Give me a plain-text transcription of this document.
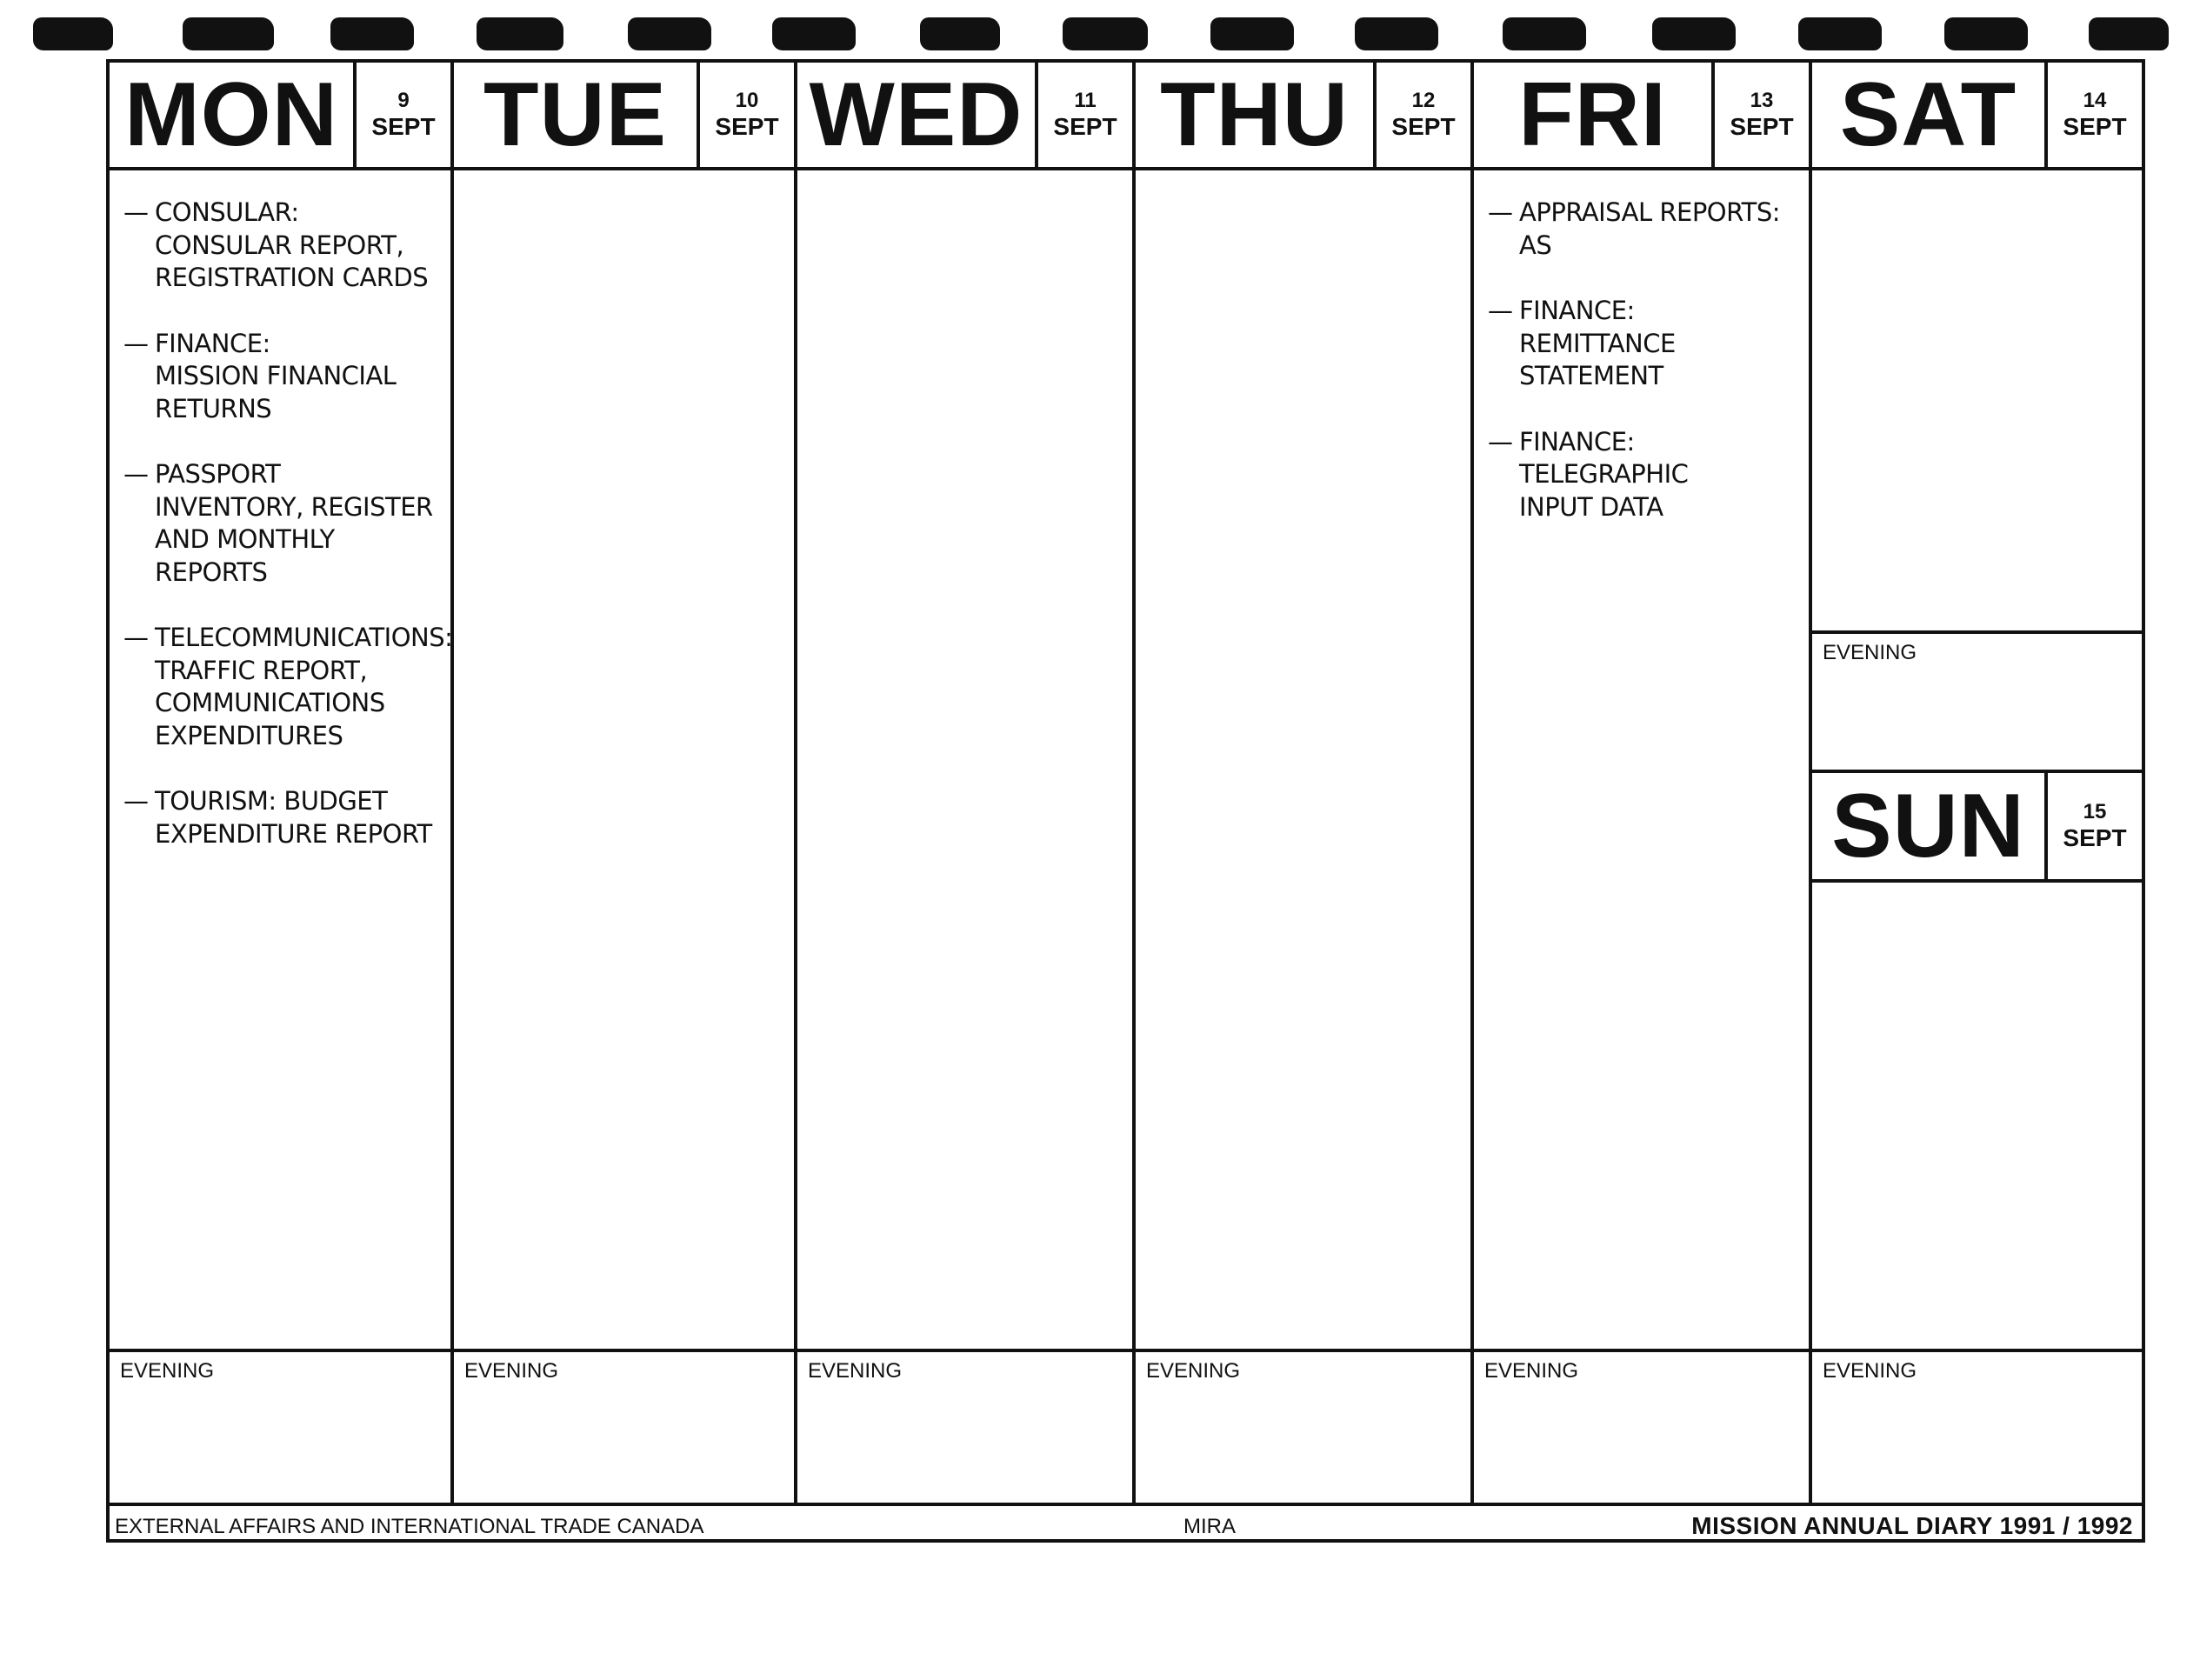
MON	9
SEPT
— CONSULAR:
CONSULAR REPORT,
REGISTRATION CARDS
— FINANCE:
MISSION FINANCIAL
RETURNS
— PASSPORT
INVENTORY, REGISTER
AND MONTHLY REPORTS
— TELECOMMUNICATIONS:
TRAFFIC REPORT,
COMMUNICATIONS
EXPENDITURES
— TOURISM: BUDGET
EXPENDITURE REPORT
EVENING
TUE	10
SEPT
EVENING
WED	11
SEPT
EVENING
THU	12
SEPT
EVENING
FRI	13
SEPT
— APPRAISAL REPORTS: AS
— FINANCE:
REMITTANCE
STATEMENT
— FINANCE:
TELEGRAPHIC
INPUT DATA
EVENING
SAT	14
SEPT
EVENING
SUN	15
SEPT
EVENING
EXTERNAL AFFAIRS AND INTERNATIONAL TRADE CANADA	MIRA	MISSION ANNUAL DIARY 1991 / 1992
